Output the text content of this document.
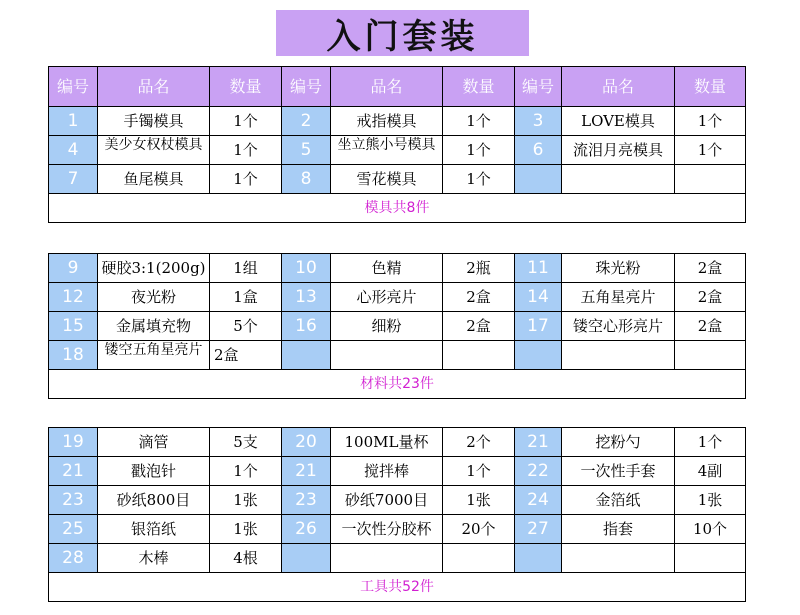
入门套装
编号	品名	数量	编号	品名	数量	编号	品名	数量
1	手镯模具	1个	2	戒指模具	1个	3	LOVE模具	1个
4	美少女权杖模具	1个	5	坐立熊小号模具	1个	6	流泪月亮模具	1个
7	鱼尾模具	1个	8	雪花模具	1个			
模具共8件								
9	硬胶3:1(200g)	1组	10	色精	2瓶	11	珠光粉	2盒
12	夜光粉	1盒	13	心形亮片	2盒	14	五角星亮片	2盒
15	金属填充物	5个	16	细粉	2盒	17	镂空心形亮片	2盒
18	镂空五角星亮片	2盒						
材料共23件								
19	滴管	5支	20	100ML量杯	2个	21	挖粉勺	1个
21	戳泡针	1个	21	搅拌棒	1个	22	一次性手套	4副
23	砂纸800目	1张	23	砂纸7000目	1张	24	金箔纸	1张
25	银箔纸	1张	26	一次性分胶杯	20个	27	指套	10个
28	木棒	4根						
工具共52件								
